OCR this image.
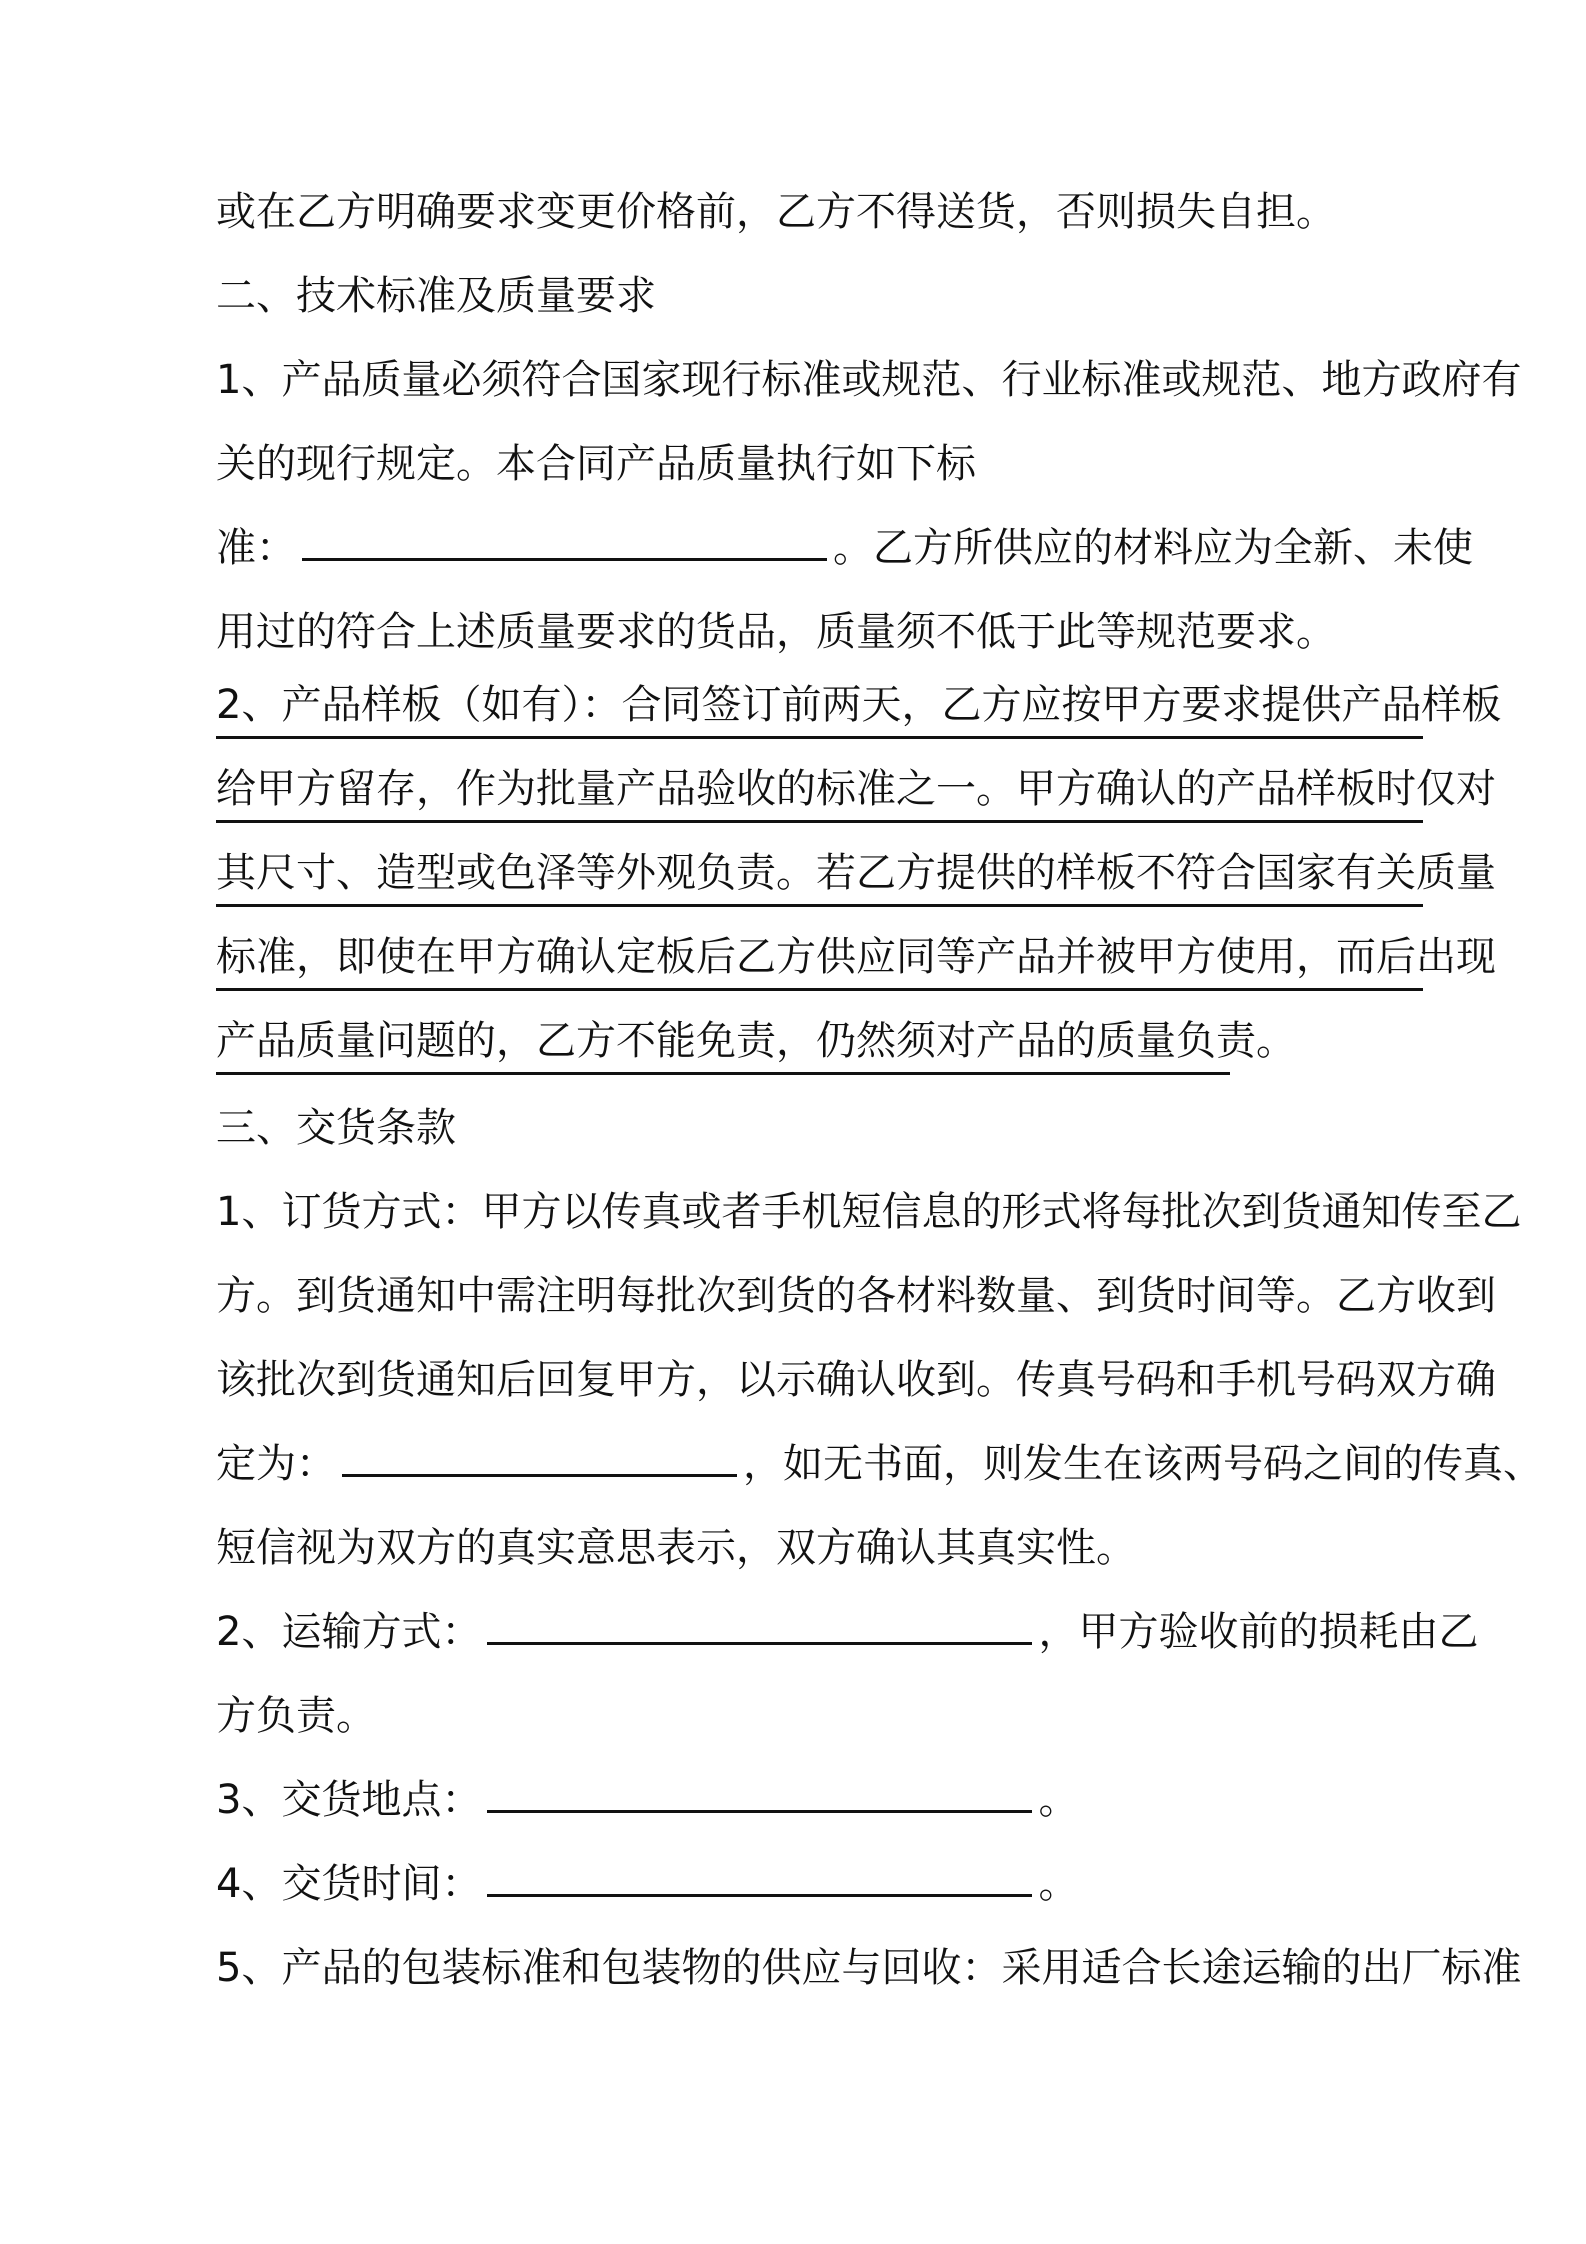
或在乙方明确要求变更价格前，乙方不得送货，否则损失自担。
二、技术标准及质量要求
1、产品质量必须符合国家现行标准或规范、行业标准或规范、地方政府有
关的现行规定。本合同产品质量执行如下标
准：	。乙方所供应的材料应为全新、未使
用过的符合上述质量要求的货品，质量须不低于此等规范要求。
2、产品样板（如有）：合同签订前两天，乙方应按甲方要求提供产品样板
给甲方留存，作为批量产品验收的标准之一。甲方确认的产品样板时仅对
其尺寸、造型或色泽等外观负责。若乙方提供的样板不符合国家有关质量
标准，即使在甲方确认定板后乙方供应同等产品并被甲方使用，而后出现
产品质量问题的，乙方不能免责，仍然须对产品的质量负责。
三、交货条款
1、订货方式：甲方以传真或者手机短信息的形式将每批次到货通知传至乙
方。到货通知中需注明每批次到货的各材料数量、到货时间等。乙方收到
该批次到货通知后回复甲方，以示确认收到。传真号码和手机号码双方确
定为：	，如无书面，则发生在该两号码之间的传真、
短信视为双方的真实意思表示，双方确认其真实性。
2、运输方式：	，甲方验收前的损耗由乙
方负责。
3、交货地点：	。
4、交货时间：	。
5、产品的包装标准和包装物的供应与回收：采用适合长途运输的出厂标准
